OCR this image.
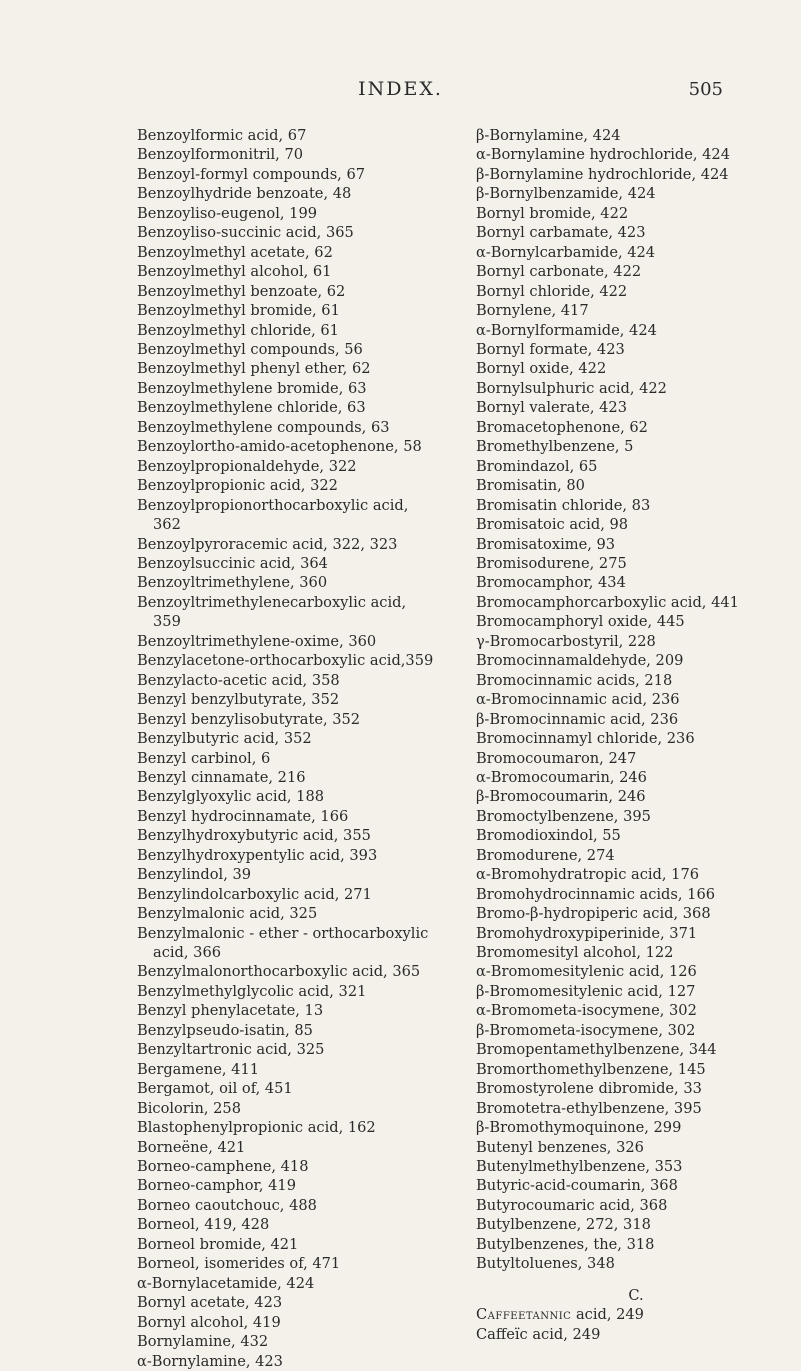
INDEX.	505
Benzoylformic acid, 67
Benzoylformonitril, 70
Benzoyl-formyl compounds, 67
Benzoylhydride benzoate, 48
Benzoyliso-eugenol, 199
Benzoyliso-succinic acid, 365
Benzoylmethyl acetate, 62
Benzoylmethyl alcohol, 61
Benzoylmethyl benzoate, 62
Benzoylmethyl bromide, 61
Benzoylmethyl chloride, 61
Benzoylmethyl compounds, 56
Benzoylmethyl phenyl ether, 62
Benzoylmethylene bromide, 63
Benzoylmethylene chloride, 63
Benzoylmethylene compounds, 63
Benzoylortho-amido-acetophenone, 58
Benzoylpropionaldehyde, 322
Benzoylpropionic acid, 322
Benzoylpropionorthocarboxylic acid,
362
Benzoylpyroracemic acid, 322, 323
Benzoylsuccinic acid, 364
Benzoyltrimethylene, 360
Benzoyltrimethylenecarboxylic acid,
359
Benzoyltrimethylene-oxime, 360
Benzylacetone-orthocarboxylic acid,359
Benzylacto-acetic acid, 358
Benzyl benzylbutyrate, 352
Benzyl benzylisobutyrate, 352
Benzylbutyric acid, 352
Benzyl carbinol, 6
Benzyl cinnamate, 216
Benzylglyoxylic acid, 188
Benzyl hydrocinnamate, 166
Benzylhydroxybutyric acid, 355
Benzylhydroxypentylic acid, 393
Benzylindol, 39
Benzylindolcarboxylic acid, 271
Benzylmalonic acid, 325
Benzylmalonic - ether - orthocarboxylic
acid, 366
Benzylmalonorthocarboxylic acid, 365
Benzylmethylglycolic acid, 321
Benzyl phenylacetate, 13
Benzylpseudo-isatin, 85
Benzyltartronic acid, 325
Bergamene, 411
Bergamot, oil of, 451
Bicolorin, 258
Blastophenylpropionic acid, 162
Borneëne, 421
Borneo-camphene, 418
Borneo-camphor, 419
Borneo caoutchouc, 488
Borneol, 419, 428
Borneol bromide, 421
Borneol, isomerides of, 471
α-Bornylacetamide, 424
Bornyl acetate, 423
Bornyl alcohol, 419
Bornylamine, 432
α-Bornylamine, 423
β-Bornylamine, 424
α-Bornylamine hydrochloride, 424
β-Bornylamine hydrochloride, 424
β-Bornylbenzamide, 424
Bornyl bromide, 422
Bornyl carbamate, 423
α-Bornylcarbamide, 424
Bornyl carbonate, 422
Bornyl chloride, 422
Bornylene, 417
α-Bornylformamide, 424
Bornyl formate, 423
Bornyl oxide, 422
Bornylsulphuric acid, 422
Bornyl valerate, 423
Bromacetophenone, 62
Bromethylbenzene, 5
Bromindazol, 65
Bromisatin, 80
Bromisatin chloride, 83
Bromisatoic acid, 98
Bromisatoxime, 93
Bromisodurene, 275
Bromocamphor, 434
Bromocamphorcarboxylic acid, 441
Bromocamphoryl oxide, 445
γ-Bromocarbostyril, 228
Bromocinnamaldehyde, 209
Bromocinnamic acids, 218
α-Bromocinnamic acid, 236
β-Bromocinnamic acid, 236
Bromocinnamyl chloride, 236
Bromocoumaron, 247
α-Bromocoumarin, 246
β-Bromocoumarin, 246
Bromoctylbenzene, 395
Bromodioxindol, 55
Bromodurene, 274
α-Bromohydratropic acid, 176
Bromohydrocinnamic acids, 166
Bromo-β-hydropiperic acid, 368
Bromohydroxypiperinide, 371
Bromomesityl alcohol, 122
α-Bromomesitylenic acid, 126
β-Bromomesitylenic acid, 127
α-Bromometa-isocymene, 302
β-Bromometa-isocymene, 302
Bromopentamethylbenzene, 344
Bromorthomethylbenzene, 145
Bromostyrolene dibromide, 33
Bromotetra-ethylbenzene, 395
β-Bromothymoquinone, 299
Butenyl benzenes, 326
Butenylmethylbenzene, 353
Butyric-acid-coumarin, 368
Butyrocoumaric acid, 368
Butylbenzene, 272, 318
Butylbenzenes, the, 318
Butyltoluenes, 348
C.
Caffeetannic acid, 249
Caffeïc acid, 249
